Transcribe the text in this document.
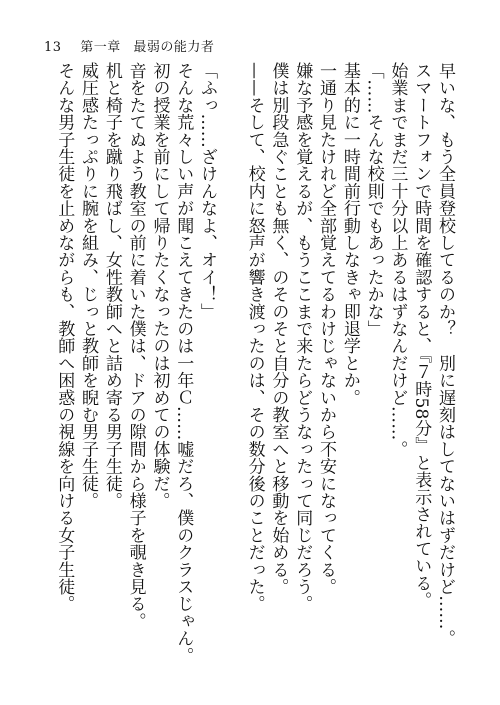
13 第一章 最弱の能力者

早いな、もう全員登校してるのか？　別に遅刻はしてないはずだけど……。

スマートフォンで時間を確認すると、『７時58分』と表示されている。

始業までまだ三十分以上あるはずなんだけど……。

「……そんな校則でもあったかな」

基本的に一時間前行動しなきゃ即退学とか。

一通り見たけれど全部覚えてるわけじゃないから不安になってくる。

嫌な予感を覚えるが、もうここまで来たらどうなったって同じだろう。

僕は別段急ぐことも無く、のそのそと自分の教室へと移動を始める。

——そして、校内に怒声が響き渡ったのは、その数分後のことだった。

「ふっ……ざけんなよ、オイ！」

そんな荒々しい声が聞こえてきたのは一年Ｃ……嘘だろ、僕のクラスじゃん。

初の授業を前にして帰りたくなったのは初めての体験だ。

音をたてぬよう教室の前に着いた僕は、ドアの隙間から様子を覗き見る。

机と椅子を蹴り飛ばし、女性教師へと詰め寄る男子生徒。

威圧感たっぷりに腕を組み、じっと教師を睨む男子生徒。

そんな男子生徒を止めながらも、教師へ困惑の視線を向ける女子生徒。
